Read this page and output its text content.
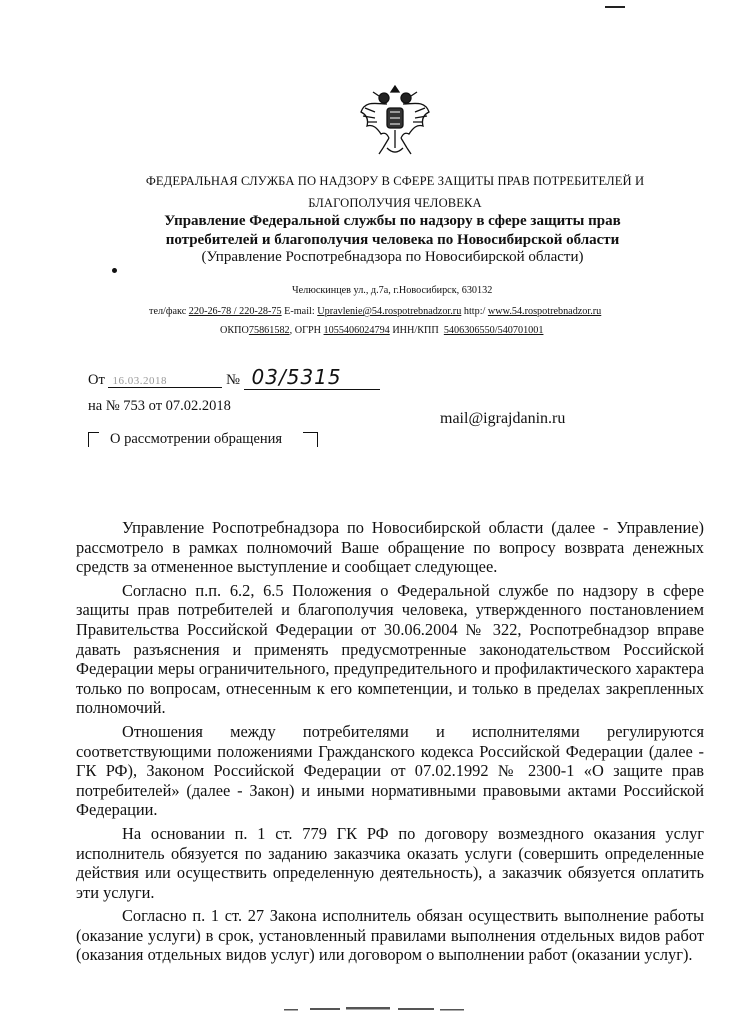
ФЕДЕРАЛЬНАЯ СЛУЖБА ПО НАДЗОРУ В СФЕРЕ ЗАЩИТЫ ПРАВ ПОТРЕБИТЕЛЕЙ И БЛАГОПОЛУЧИЯ ЧЕЛОВЕКА
Управление Федеральной службы по надзору в сфере защиты прав
потребителей и благополучия человека по Новосибирской области
(Управление Роспотребнадзора по Новосибирской области)
Челюскинцев ул., д.7а, г.Новосибирск, 630132
тел/факс 220-26-78 / 220-28-75 E-mail: Upravlenie@54.rospotrebnadzor.ru http:/ www.54.rospotrebnadzor.ru
ОКПО75861582, ОГРН 1055406024794 ИНН/КПП 5406306550/540701001
От 16.03.2018	№ 03/5315
на № 753 от 07.02.2018
mail@igrajdanin.ru
О рассмотрении обращения

Управление Роспотребнадзора по Новосибирской области (далее - Управление) рассмотрело в рамках полномочий Ваше обращение по вопросу возврата денежных средств за отмененное выступление и сообщает следующее.

Согласно п.п. 6.2, 6.5 Положения о Федеральной службе по надзору в сфере защиты прав потребителей и благополучия человека, утвержденного постановлением Правительства Российской Федерации от 30.06.2004 № 322, Роспотребнадзор вправе давать разъяснения и применять предусмотренные законодательством Российской Федерации меры ограничительного, предупредительного и профилактического характера только по вопросам, отнесенным к его компетенции, и только в пределах закрепленных полномочий.

Отношения между потребителями и исполнителями регулируются соответствующими положениями Гражданского кодекса Российской Федерации (далее - ГК РФ), Законом Российской Федерации от 07.02.1992 № 2300-1 «О защите прав потребителей» (далее - Закон) и иными нормативными правовыми актами Российской Федерации.

На основании п. 1 ст. 779 ГК РФ по договору возмездного оказания услуг исполнитель обязуется по заданию заказчика оказать услуги (совершить определенные действия или осуществить определенную деятельность), а заказчик обязуется оплатить эти услуги.

Согласно п. 1 ст. 27 Закона исполнитель обязан осуществить выполнение работы (оказание услуги) в срок, установленный правилами выполнения отдельных видов работ (оказания отдельных видов услуг) или договором о выполнении работ (оказании услуг).
